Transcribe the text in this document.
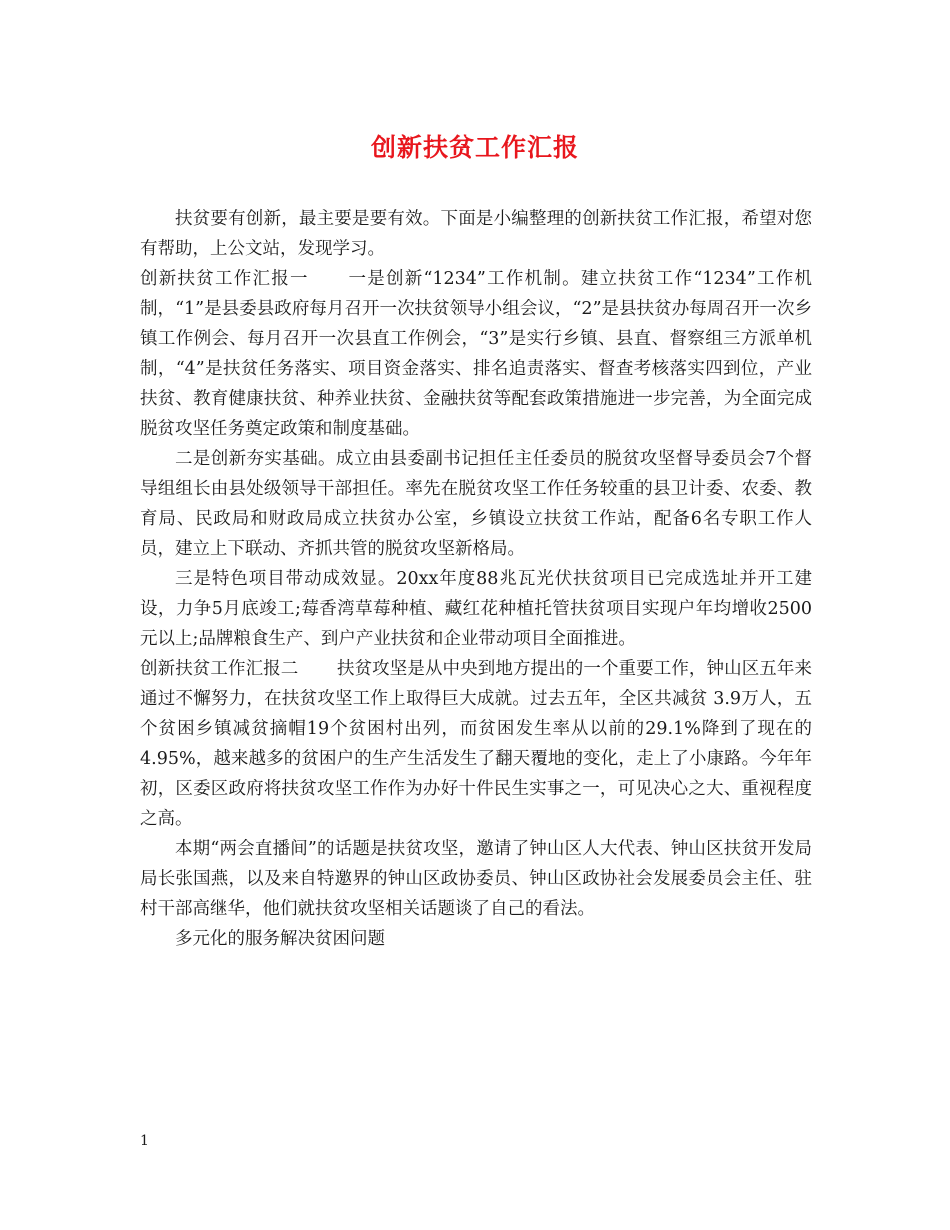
创新扶贫工作汇报

扶贫要有创新，最主要是要有效。下面是小编整理的创新扶贫工作汇报，希望对您有帮助，上公文站，发现学习。

创新扶贫工作汇报一 一是创新“1234”工作机制。建立扶贫工作“1234”工作机制，“1”是县委县政府每月召开一次扶贫领导小组会议，“2”是县扶贫办每周召开一次乡镇工作例会、每月召开一次县直工作例会，“3”是实行乡镇、县直、督察组三方派单机制，“4”是扶贫任务落实、项目资金落实、排名追责落实、督查考核落实四到位，产业扶贫、教育健康扶贫、种养业扶贫、金融扶贫等配套政策措施进一步完善，为全面完成脱贫攻坚任务奠定政策和制度基础。

二是创新夯实基础。成立由县委副书记担任主任委员的脱贫攻坚督导委员会7个督导组组长由县处级领导干部担任。率先在脱贫攻坚工作任务较重的县卫计委、农委、教育局、民政局和财政局成立扶贫办公室，乡镇设立扶贫工作站，配备6名专职工作人员，建立上下联动、齐抓共管的脱贫攻坚新格局。

三是特色项目带动成效显。20xx年度88兆瓦光伏扶贫项目已完成选址并开工建设，力争5月底竣工;莓香湾草莓种植、藏红花种植托管扶贫项目实现户年均增收2500元以上;品牌粮食生产、到户产业扶贫和企业带动项目全面推进。

创新扶贫工作汇报二 扶贫攻坚是从中央到地方提出的一个重要工作，钟山区五年来通过不懈努力，在扶贫攻坚工作上取得巨大成就。过去五年，全区共减贫 3.9万人，五个贫困乡镇减贫摘帽19个贫困村出列，而贫困发生率从以前的29.1%降到了现在的4.95%，越来越多的贫困户的生产生活发生了翻天覆地的变化，走上了小康路。今年年初，区委区政府将扶贫攻坚工作作为办好十件民生实事之一，可见决心之大、重视程度之高。

本期“两会直播间”的话题是扶贫攻坚，邀请了钟山区人大代表、钟山区扶贫开发局局长张国燕，以及来自特邀界的钟山区政协委员、钟山区政协社会发展委员会主任、驻村干部高继华，他们就扶贫攻坚相关话题谈了自己的看法。

多元化的服务解决贫困问题

1
